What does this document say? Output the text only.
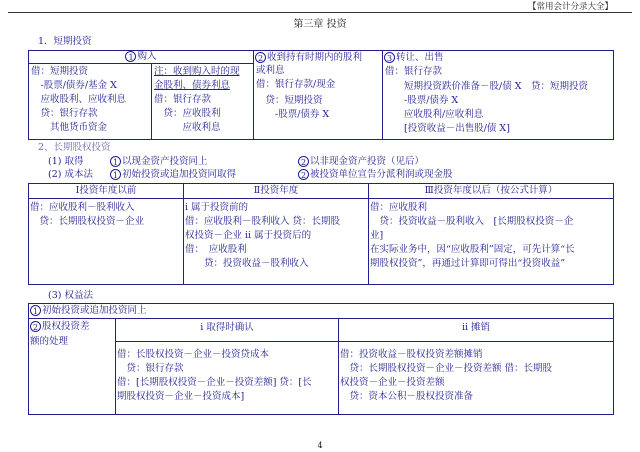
【常用会计分录大全】
第三章 投资
1．短期投资
1 购入
借：短期投资
　-股票/债券/基金 X
　应收股利、应收利息
　贷：银行存款
　　其他货币资金
注：收到购入时的现
金股利、债券利息
借：银行存款
　贷：应收股利
　　　应收利息
2 收到持有时期内的股利
或利息
借：银行存款/现金
　贷：短期投资
　　-股票/债券 X
3 转让、出售
借：银行存款
　　短期投资跌价准备－股/债 X　贷：短期投资
　　-股票/债券 X
　　应收股利/应收利息
　　[投资收益－出售股/债 X]
2、长期股权投资
(1) 取得	1 以现金资产投资同上	2 以非现金资产投资（见后）
(2) 成本法	1 初始投资或追加投资同取得	2 被投资单位宣告分派利润或现金股
Ⅰ投资年度以前
借：应收股利－股利收入
　贷：长期股权投资－企业
Ⅱ投资年度
i 属于投资前的
借：应收股利－股利收入 贷：长期股
权投资－企业 ii 属于投资后的
借：　应收股利
　　贷：投资收益－股利收入
Ⅲ投资年度以后（按公式计算）
借：应收股利
　贷：投资收益－股利收入　[长期股权投资－企
业]
在实际业务中，因“应收股利”固定，可先计算“长
期股权投资”，再通过计算即可得出“投资收益”
(3) 权益法
1 初始投资或追加投资同上
2 股权投资差
额的处理
i 取得时确认
借：长股权投资－企业－投资贷成本
　贷：银行存款
借：[长期股权投资－企业－投资差额] 贷：[长
期股权投资－企业－投资成本]
ii 摊销
借：投资收益－股权投资差额摊销
　贷：长期股权投资－企业－投资差额 借：长期股
权投资－企业－投资差额
　贷：资本公积－股权投资准备
4
